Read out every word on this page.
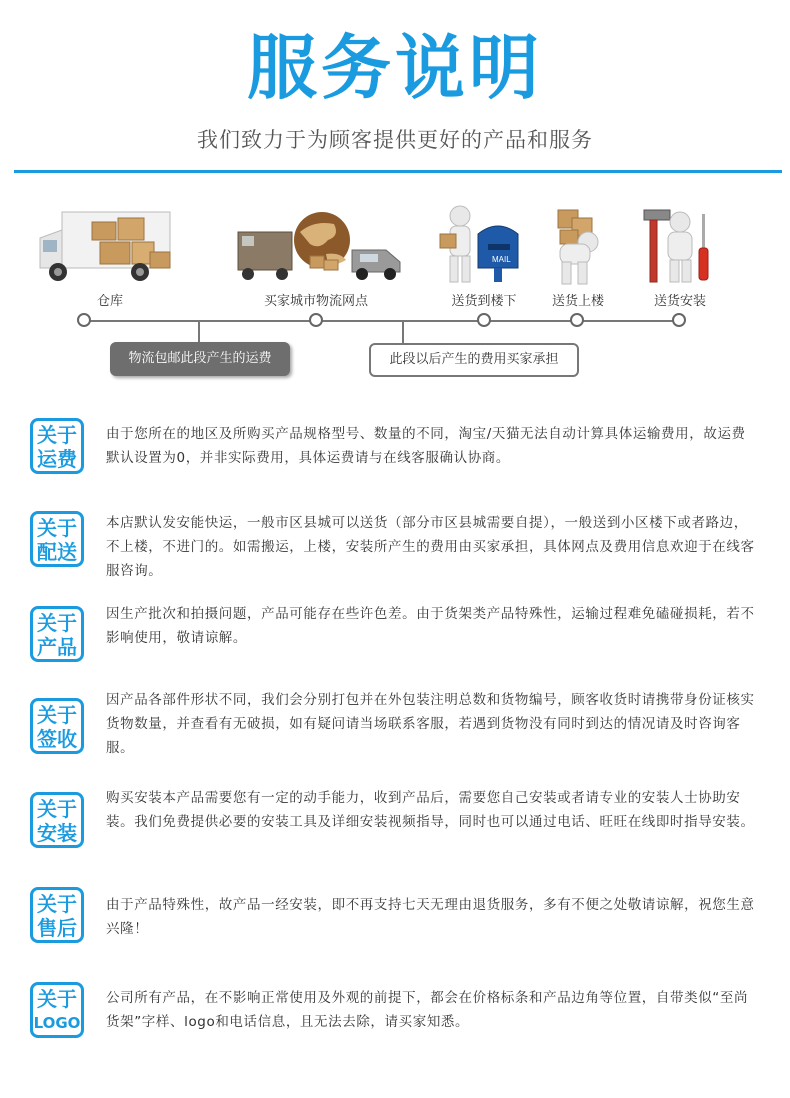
服务说明
我们致力于为顾客提供更好的产品和服务
仓库	买家城市物流网点
MAIL
送货到楼下	送货上楼	送货安装
物流包邮此段产生的运费	此段以后产生的费用买家承担
关于
运费
由于您所在的地区及所购买产品规格型号、数量的不同，淘宝/天猫无法自动计算具体运输费用，故运费默认设置为0，并非实际费用，具体运费请与在线客服确认协商。
关于
配送
本店默认发安能快运，一般市区县城可以送货（部分市区县城需要自提），一般送到小区楼下或者路边，不上楼，不进门的。如需搬运，上楼，安装所产生的费用由买家承担，具体网点及费用信息欢迎于在线客服咨询。
关于
产品
因生产批次和拍摄问题，产品可能存在些许色差。由于货架类产品特殊性，运输过程难免磕碰损耗，若不影响使用，敬请谅解。
关于
签收
因产品各部件形状不同，我们会分别打包并在外包装注明总数和货物编号，顾客收货时请携带身份证核实货物数量，并查看有无破损，如有疑问请当场联系客服，若遇到货物没有同时到达的情况请及时咨询客服。
关于
安装
购买安装本产品需要您有一定的动手能力，收到产品后，需要您自己安装或者请专业的安装人士协助安装。我们免费提供必要的安装工具及详细安装视频指导，同时也可以通过电话、旺旺在线即时指导安装。
关于
售后
由于产品特殊性，故产品一经安装，即不再支持七天无理由退货服务，多有不便之处敬请谅解，祝您生意兴隆！
关于
LOGO
公司所有产品，在不影响正常使用及外观的前提下，都会在价格标条和产品边角等位置，自带类似“至尚货架”字样、logo和电话信息，且无法去除，请买家知悉。
